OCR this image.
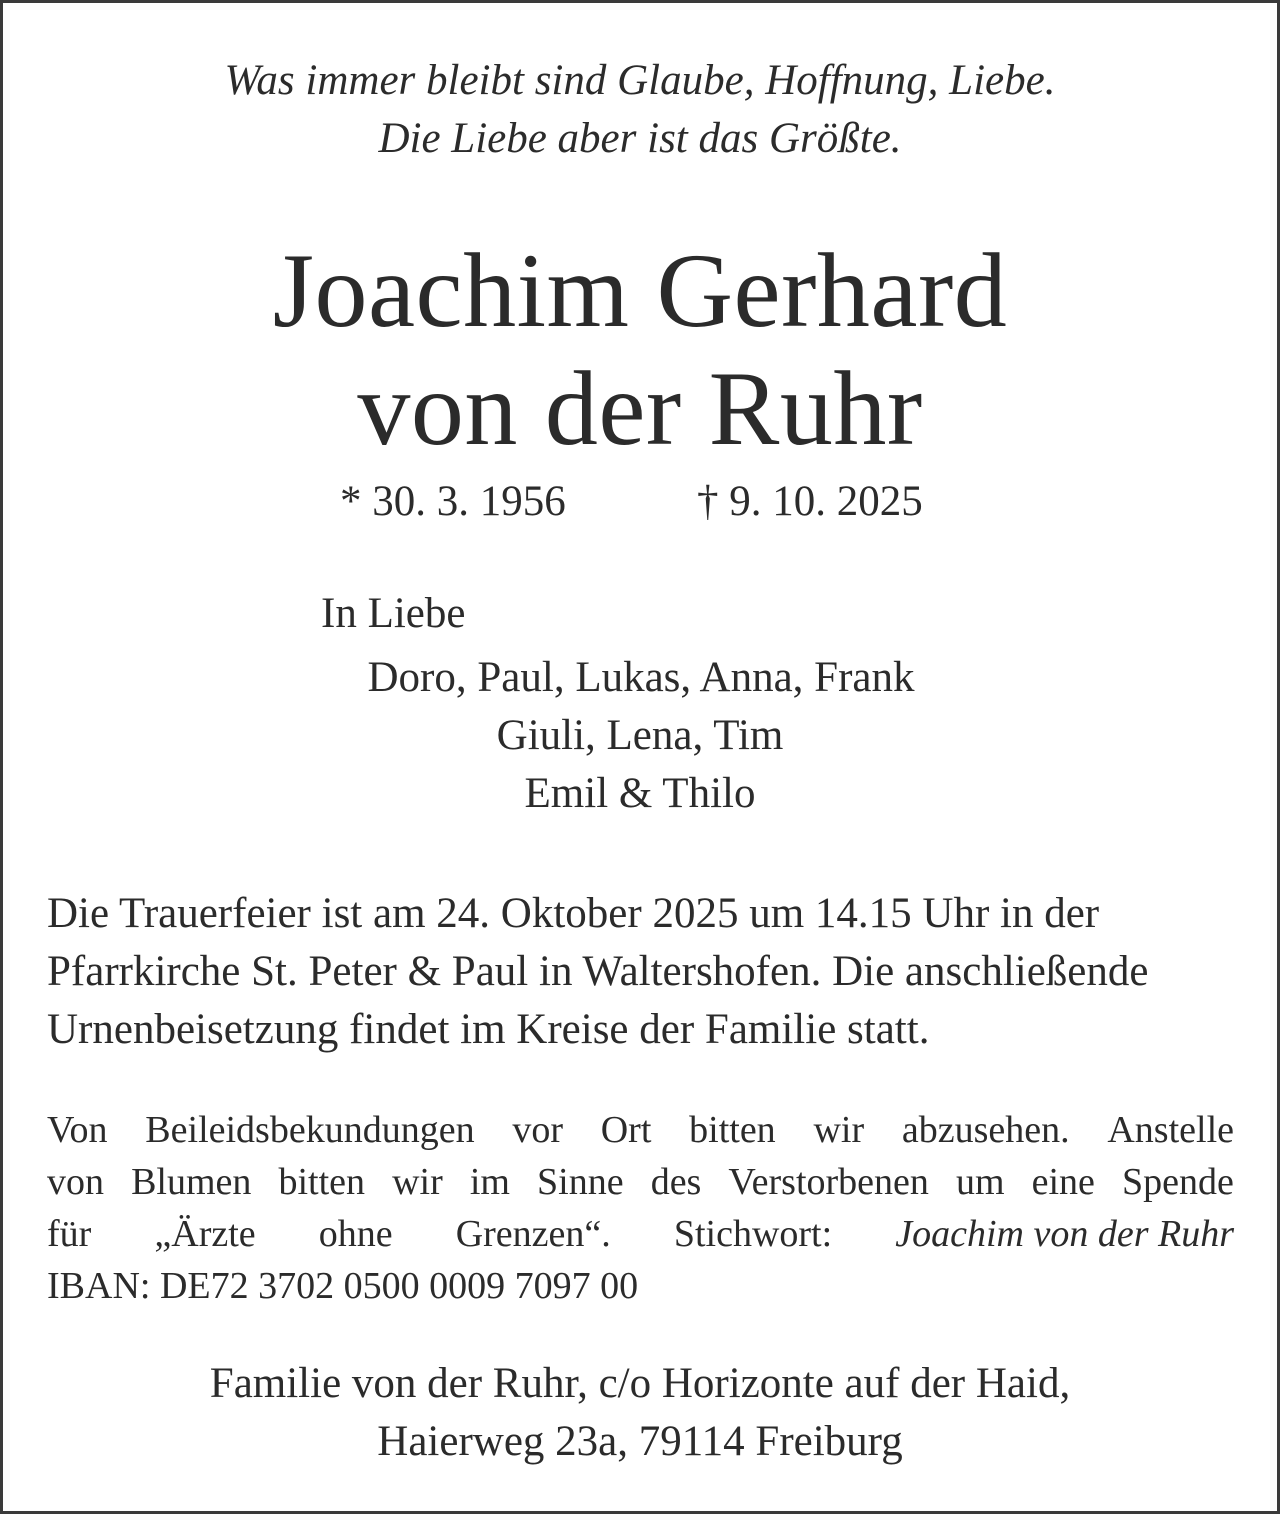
Was immer bleibt sind Glaube, Hoffnung, Liebe.
Die Liebe aber ist das Größte.
Joachim Gerhard
von der Ruhr
* 30. 3. 1956	† 9. 10. 2025
In Liebe
Doro, Paul, Lukas, Anna, Frank
Giuli, Lena, Tim
Emil & Thilo
Die Trauerfeier ist am 24. Oktober 2025 um 14.15 Uhr in der
Pfarrkirche St. Peter & Paul in Waltershofen. Die anschließende
Urnenbeisetzung findet im Kreise der Familie statt.
Von Beileidsbekundungen vor Ort bitten wir abzusehen. Anstelle
von Blumen bitten wir im Sinne des Verstorbenen um eine Spende
für „Ärzte ohne Grenzen“. Stichwort: Joachim von der Ruhr
IBAN: DE72 3702 0500 0009 7097 00
Familie von der Ruhr, c/o Horizonte auf der Haid,
Haierweg 23a, 79114 Freiburg
